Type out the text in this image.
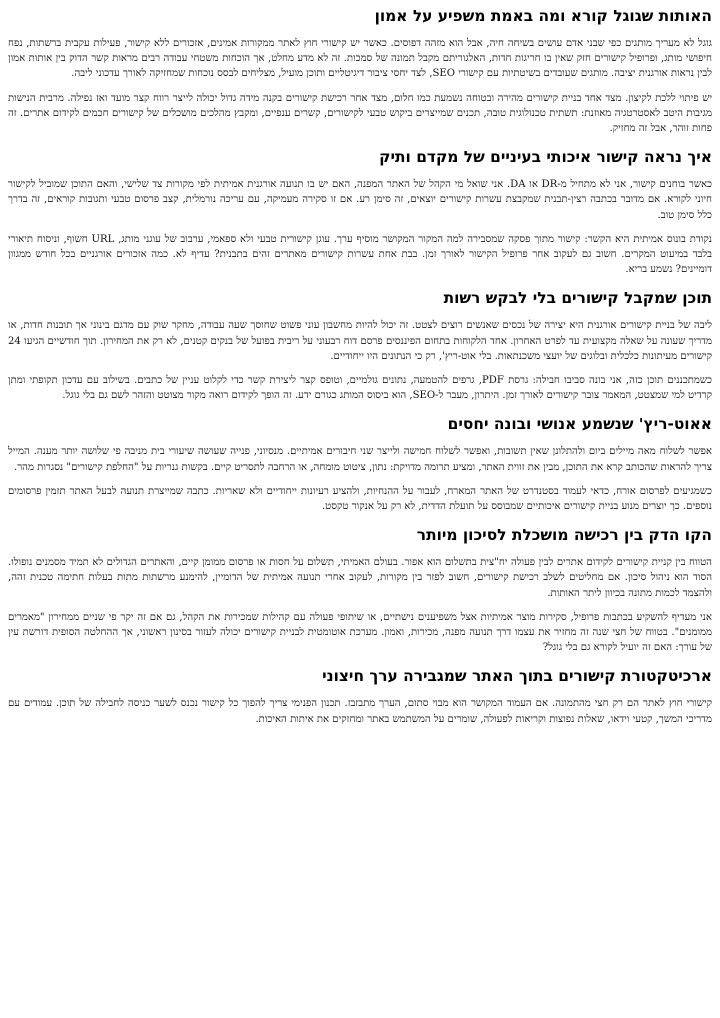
האותות שגוגל קורא ומה באמת משפיע על אמון

גוגל לא מעריך מותגים כפי שבני אדם עושים בשיחה חיה, אבל הוא מזהה דפוסים. כאשר יש קישורי חוץ לאתר ממקורות אמינים, אזכורים ללא קישור, פעילות עקבית ברשתות, נפח חיפושי מותג, ופרופיל קישורים חזק שאין בו חריגות חדות, האלגוריתם מקבל תמונה של סמכות. זה לא מדע מחלט, אך הוכחות משטחי עבודה רבים מראות קשר הדוק בין אותות אמון לבין נראות אורגנית יציבה. מותגים שעובדים בשיטתיות עם קישורי SEO, לצד יחסי ציבור דיגיטליים ותוכן מועיל, מצליחים לבסס נוכחות שמחזיקה לאורך עדכוני ליבה.

יש פיתוי ללכת לקיצון. מצד אחד בניית קישורים מהירה ובטוחה נשמעת כמו חלום, מצד אחר רכישת קישורים בקנה מידה גדול יכולה לייצר רווח קצר מועד ואז נפילה. מרבית הנישות מגיבות היטב לאסטרטגיה מאוזנת: תשתית טכנולוגית טובה, תכנים שמייצרים ביקוש טבעי לקישורים, קשרים ענפיים, ומקבץ מהלכים מושכלים של קישורים חכמים לקידום אתרים. זה פחות זוהר, אבל זה מחזיק.

איך נראה קישור איכותי בעיניים של מקדם ותיק

כאשר בוחנים קישור, אני לא מתחיל מ-DR או DA. אני שואל מי הקהל של האתר המפנה, האם יש בו תנועה אורגנית אמיתית לפי מקורות צד שלישי, והאם התוכן שמוביל לקישור חיוני לקורא. אם מדובר בכתבה רצין-תבנית שמקבצת עשרות קישורים יוצאים, זה סימן רע. אם זו סקירה מעמיקה, עם עריכה נורמלית, קצב פרסום טבעי ותגובות קוראים, זה בדרך כלל סימן טוב.

נקודת בונוס אמיתית היא הקשר: קישור מתוך פסקה שמסבירה למה המקור המקושר מוסיף ערך. עוגן קישורית טבעי ולא ספאמי, ערבוב של עוגני מותג, URL חשוף, וניסוח תיאורי בלבד במיעוט המקרים. חשוב גם לעקוב אחר פרופיל הקישור לאורך זמן. בבת אחת עשרות קישורים מאתרים זהים בתבנית? עדיף לא. כמה אזכורים אורגניים בכל חודש ממגוון דומיינים? נשמע בריא.

תוכן שמקבל קישורים בלי לבקש רשות

ליבה של בניית קישורים אורגנית היא יצירה של נכסים שאנשים רוצים לצטט. זה יכול להיות מחשבון עוני פשוט שחוסך שעה עבודה, מחקר שוק עם מדגם בינוני אך תובנות חדות, או מדריך שעונה על שאלה מקצועית עד לפרט האחרון. אחד הלקוחות בתחום הפיננסים פרסם דוח רבעוני על ריבית בפועל של בנקים קטנים, לא רק את המחירון. תוך חודשיים הגיעו 24 קישורים מעיתונות כלכלית ובלוגים של יועצי משכנתאות. בלי אוט-ריץ', רק כי הנתונים היו ייחודיים.

כשמתכננים תוכן כזה, אני בונה סביבו חבילה: גרסת PDF, גרפים להטמעה, נתונים גולמיים, וטופס קצר ליצירת קשר כדי לקלוט עניין של כתבים. בשילוב עם עדכון תקופתי ומתן קרדיט למי שמצטט, המאמר צובר קישורים לאורך זמן. היתרון, מעבר ל-SEO, הוא ביסוס המותג כגורם ידע. זה הופך לקידום רואה מקור מצוטט והזהר לשם גם בלי גוגל.

אאוט-ריץ' שנשמע אנושי ובונה יחסים

אפשר לשלוח מאה מיילים ביום ולהתלונן שאין תשובות, ואפשר לשלוח חמישה ולייצר שני חיבורים אמיתיים. מנסיוני, פנייה שעושה שיעורי בית מניבה פי שלושה יותר מענה. המייל צריך להראות שהכותב קרא את התוכן, מבין את זווית האתר, ומציע תרומה מדויקת: נתון, ציטוט מומחה, או הרחבה לתסריט קיים. בקשות גנריות על "החלפת קישורים" נסגרות מהר.

כשמגיעים לפרסום אורח, כדאי לעמוד בסטנדרט של האתר המארח, לעבור על ההנחיות, ולהציע רעיונות ייחודיים ולא שאריות. כתבה שמייצרת תנועה לבעל האתר תזמין פרסומים נוספים. כך יוצרים מנוע בניית קישורים איכותיים שמבוסס על תועלת הדדית, לא רק על אנקור טקסט.

הקו הדק בין רכישה מושכלת לסיכון מיותר

הטווח בין קניית קישורים לקידום אתרים לבין פעולה יח"צית בתשלום הוא אפור. בעולם האמיתי, תשלום על חסות או פרסום ממומן קיים, והאתרים הגדולים לא תמיד מסמנים נופולו. הסוד הוא ניהול סיכון. אם מחליטים לשלב רכישת קישורים, חשוב לפזר בין מקורות, לעקוב אחרי תנועה אמיתית של הדומיין, להימנע מרשתות מתות בעלות חתימה טכנית זהה, ולהצמד לכמות מתונה בכיוון ליתר האותות.

אני מעדיף להשקיע בכתבות פרופיל, סקירות מוצר אמיתיות אצל משפיענים נישתיים, או שיתופי פעולה עם קהילות שמכירות את הקהל, גם אם זה יקר פי שניים ממחירון "מאמרים ממומנים". בטווח של חצי שנה זה מחזיר את עצמו דרך תנועה מפנה, מכירות, ואמון. מערכת אוטומטית לבניית קישורים יכולה לעזור בסינון ראשוני, אך ההחלטה הסופית דורשת עין של עורך: האם זה יועיל לקורא גם בלי גוגל?

ארכיטקטורת קישורים בתוך האתר שמגבירה ערך חיצוני

קישורי חוץ לאתר הם רק חצי מהתמונה. אם העמוד המקושר הוא מבוי סתום, הערך מתבזבז. תכנון הפנימי צריך להפוך כל קישור נכנס לשער כניסה לחבילה של תוכן. עמודים עם מדריכי המשך, קטעי וידאו, שאלות נפוצות וקריאות לפעולה, שומרים על המשתמש באתר ומחזקים את איתות האיכות.
